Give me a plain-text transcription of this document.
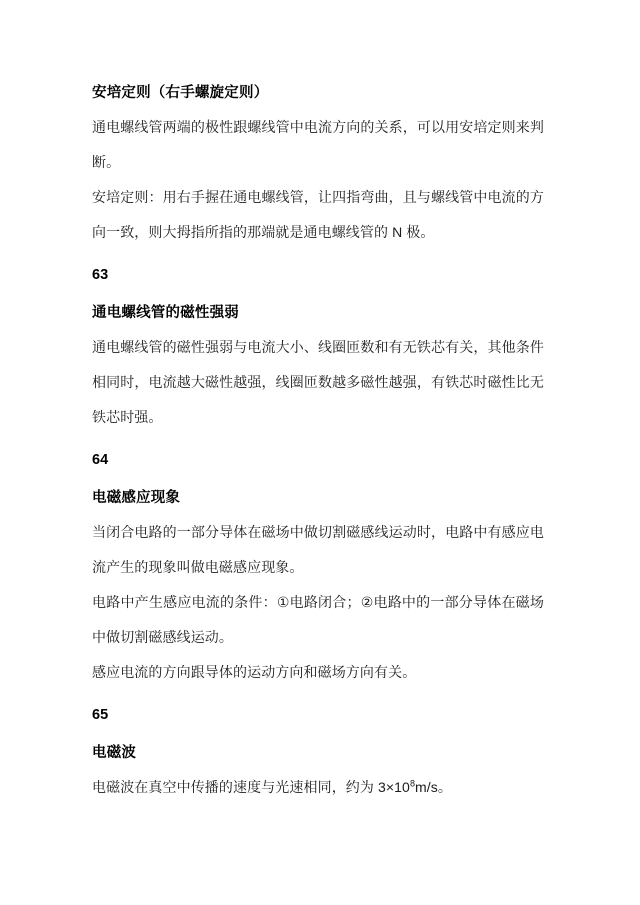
安培定则（右手螺旋定则）

通电螺线管两端的极性跟螺线管中电流方向的关系，可以用安培定则来判断。

安培定则：用右手握茌通电螺线管，让四指弯曲，且与螺线管中电流的方向一致，则大拇指所指的那端就是通电螺线管的 N 极。

63
通电螺线管的磁性强弱

通电螺线管的磁性强弱与电流大小、线圈匝数和有无铁芯有关，其他条件相同时，电流越大磁性越强，线圈匝数越多磁性越强，有铁芯时磁性比无铁芯时强。

64
电磁感应现象

当闭合电路的一部分导体在磁场中做切割磁感线运动时，电路中有感应电流产生的现象叫做电磁感应现象。

电路中产生感应电流的条件：①电路闭合；②电路中的一部分导体在磁场中做切割磁感线运动。

感应电流的方向跟导体的运动方向和磁场方向有关。

65
电磁波

电磁波在真空中传播的速度与光速相同，约为 $3\times 10^8m/s$。
